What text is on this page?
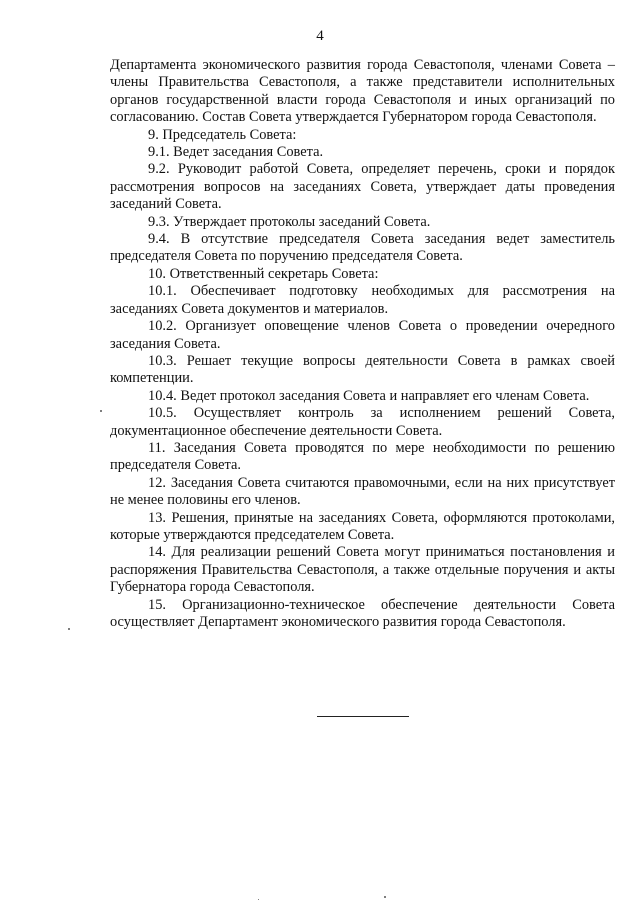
4

Департамента экономического развития города Севастополя, членами Совета – члены Правительства Севастополя, а также представители исполнительных органов государственной власти города Севастополя и иных организаций по согласованию. Состав Совета утверждается Губернатором города Севастополя.

9. Председатель Совета:

9.1. Ведет заседания Совета.

9.2. Руководит работой Совета, определяет перечень, сроки и порядок рассмотрения вопросов на заседаниях Совета, утверждает даты проведения заседаний Совета.

9.3. Утверждает протоколы заседаний Совета.

9.4. В отсутствие председателя Совета заседания ведет заместитель председателя Совета по поручению председателя Совета.

10. Ответственный секретарь Совета:

10.1. Обеспечивает подготовку необходимых для рассмотрения на заседаниях Совета документов и материалов.

10.2. Организует оповещение членов Совета о проведении очередного заседания Совета.

10.3. Решает текущие вопросы деятельности Совета в рамках своей компетенции.

10.4. Ведет протокол заседания Совета и направляет его членам Совета.

10.5. Осуществляет контроль за исполнением решений Совета, документационное обеспечение деятельности Совета.

11. Заседания Совета проводятся по мере необходимости по решению председателя Совета.

12. Заседания Совета считаются правомочными, если на них присутствует не менее половины его членов.

13. Решения, принятые на заседаниях Совета, оформляются протоколами, которые утверждаются председателем Совета.

14. Для реализации решений Совета могут приниматься постановления и распоряжения Правительства Севастополя, а также отдельные поручения и акты Губернатора города Севастополя.

15. Организационно-техническое обеспечение деятельности Совета осуществляет Департамент экономического развития города Севастополя.
